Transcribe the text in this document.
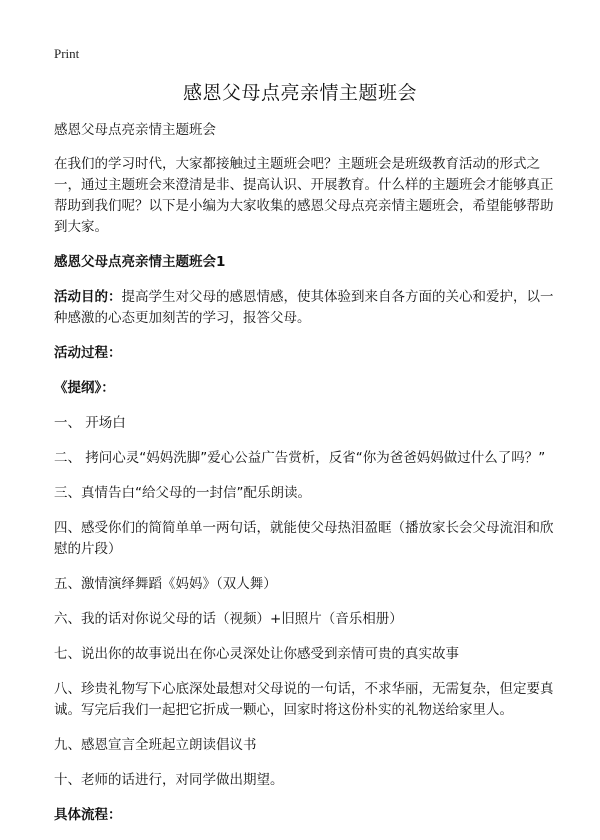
Print
感恩父母点亮亲情主题班会

感恩父母点亮亲情主题班会

在我们的学习时代，大家都接触过主题班会吧？主题班会是班级教育活动的形式之一，通过主题班会来澄清是非、提高认识、开展教育。什么样的主题班会才能够真正帮助到我们呢？以下是小编为大家收集的感恩父母点亮亲情主题班会，希望能够帮助到大家。

感恩父母点亮亲情主题班会1

活动目的：提高学生对父母的感恩情感，使其体验到来自各方面的关心和爱护，以一种感激的心态更加刻苦的学习，报答父母。

活动过程：

《提纲》：

一、 开场白

二、 拷问心灵“妈妈洗脚”爱心公益广告赏析，反省“你为爸爸妈妈做过什么了吗？”

三、真情告白“给父母的一封信”配乐朗读。

四、感受你们的简简单单一两句话，就能使父母热泪盈眶（播放家长会父母流泪和欣慰的片段）

五、激情演绎舞蹈《妈妈》（双人舞）

六、我的话对你说父母的话（视频）+旧照片（音乐相册）

七、说出你的故事说出在你心灵深处让你感受到亲情可贵的真实故事

八、珍贵礼物写下心底深处最想对父母说的一句话，不求华丽，无需复杂，但定要真诚。写完后我们一起把它折成一颗心，回家时将这份朴实的礼物送给家里人。

九、感恩宣言全班起立朗读倡议书

十、老师的话进行，对同学做出期望。

具体流程：
